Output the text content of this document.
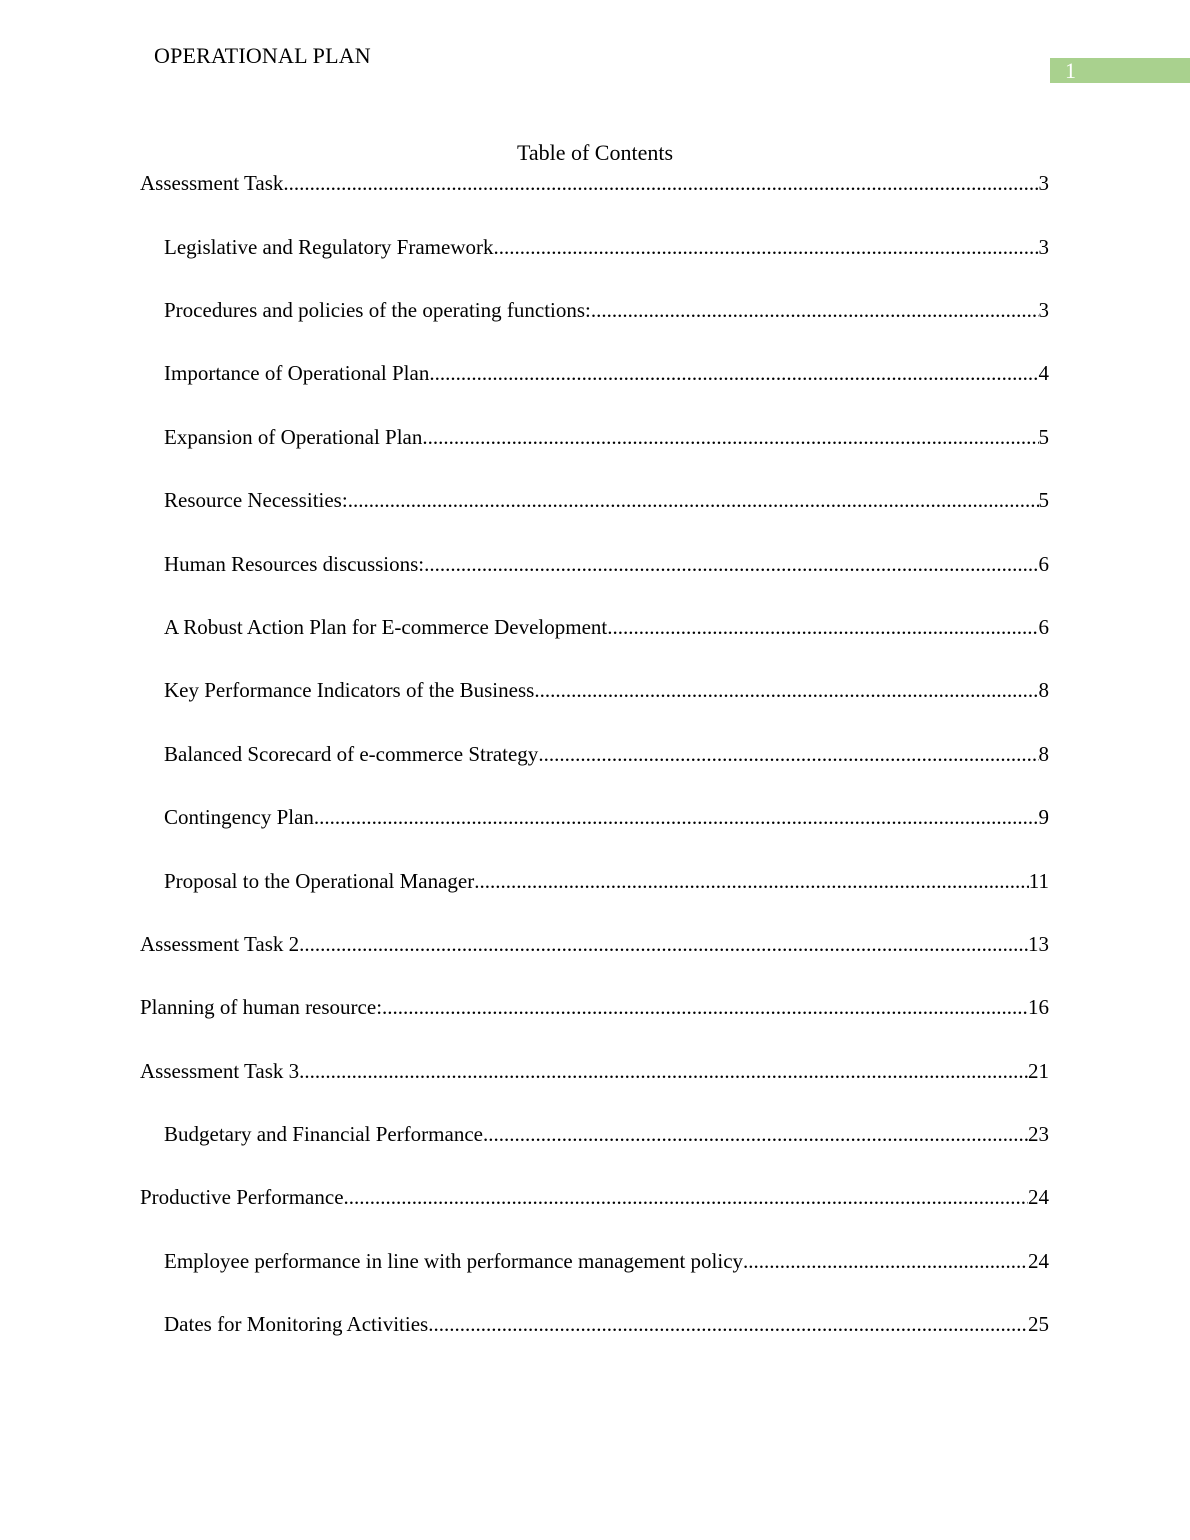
OPERATIONAL PLAN
1
Table of Contents
Assessment Task .....	3
Legislative and Regulatory Framework .....	3
Procedures and policies of the operating functions: .....	3
Importance of Operational Plan .....	4
Expansion of Operational Plan .....	5
Resource Necessities: .....	5
Human Resources discussions: .....	6
A Robust Action Plan for E-commerce Development .....	6
Key Performance Indicators of the Business .....	8
Balanced Scorecard of e-commerce Strategy .....	8
Contingency Plan .....	9
Proposal to the Operational Manager .....	11
Assessment Task 2 .....	13
Planning of human resource: .....	16
Assessment Task 3 .....	21
Budgetary and Financial Performance .....	23
Productive Performance .....	24
Employee performance in line with performance management policy .....	24
Dates for Monitoring Activities .....	25
